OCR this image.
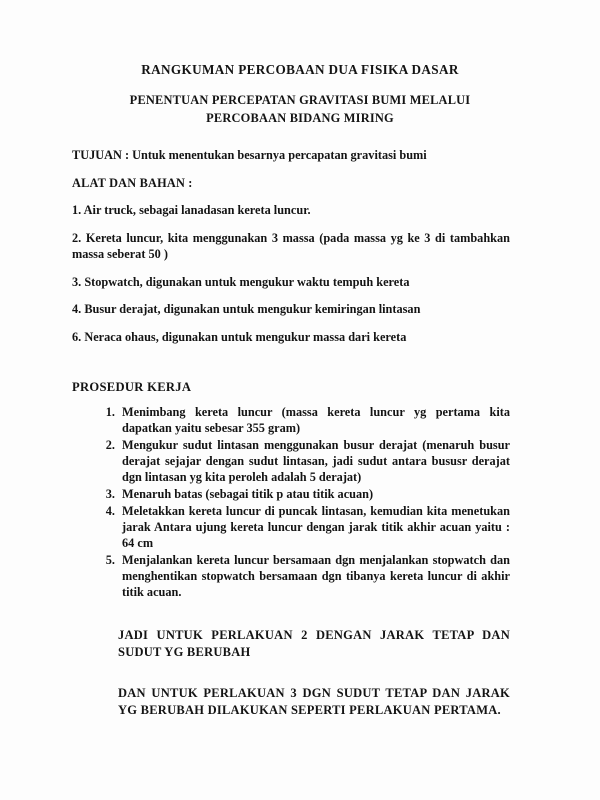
RANGKUMAN PERCOBAAN DUA FISIKA DASAR
PENENTUAN PERCEPATAN GRAVITASI BUMI MELALUI PERCOBAAN BIDANG MIRING

TUJUAN : Untuk menentukan besarnya percapatan gravitasi bumi

ALAT DAN BAHAN :

1. Air truck, sebagai lanadasan kereta luncur.

2. Kereta luncur, kita menggunakan 3 massa (pada massa yg ke 3 di tambahkan massa seberat 50 )

3. Stopwatch, digunakan untuk mengukur waktu tempuh kereta

4. Busur derajat, digunakan untuk mengukur kemiringan lintasan

6. Neraca ohaus, digunakan untuk mengukur massa dari kereta

PROSEDUR KERJA

1. Menimbang kereta luncur (massa kereta luncur yg pertama kita dapatkan yaitu sebesar 355 gram)
2. Mengukur sudut lintasan menggunakan busur derajat (menaruh busur derajat sejajar dengan sudut lintasan, jadi sudut antara bususr derajat dgn lintasan yg kita peroleh adalah 5 derajat)
3. Menaruh batas (sebagai titik p atau titik acuan)
4. Meletakkan kereta luncur di puncak lintasan, kemudian kita menetukan jarak Antara ujung kereta luncur dengan jarak titik akhir acuan yaitu : 64 cm
5. Menjalankan kereta luncur bersamaan dgn menjalankan stopwatch dan menghentikan stopwatch bersamaan dgn tibanya kereta luncur di akhir titik acuan.

JADI UNTUK PERLAKUAN 2 DENGAN JARAK TETAP DAN SUDUT YG BERUBAH

DAN UNTUK PERLAKUAN 3 DGN SUDUT TETAP DAN JARAK YG BERUBAH DILAKUKAN SEPERTI PERLAKUAN PERTAMA.
